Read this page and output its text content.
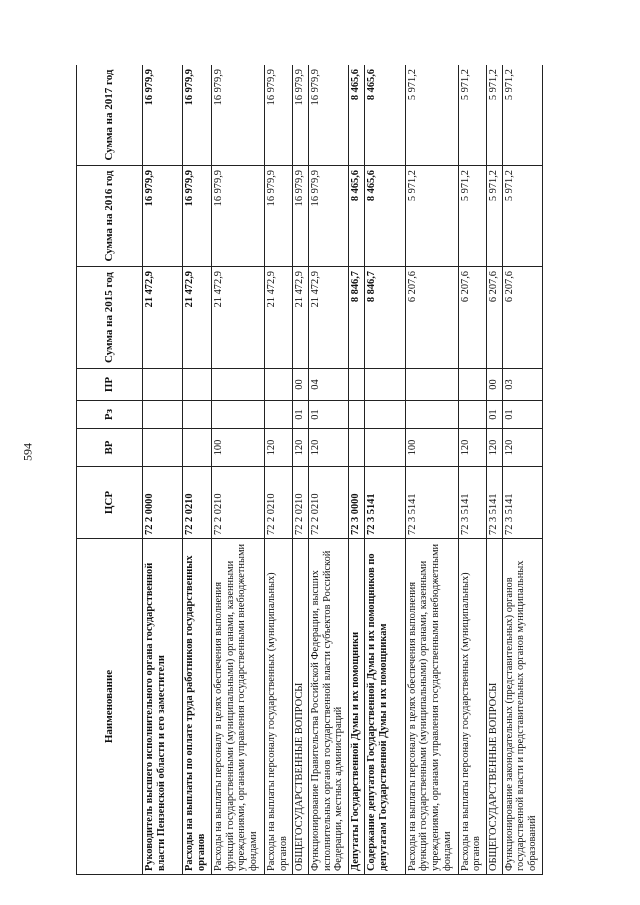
594
Наименование	ЦСР	ВР	Рз	ПР	Сумма на 2015 год	Сумма на 2016 год	Сумма на 2017 год
Руководитель высшего исполнительного органа государственной власти Пензенской области и его заместители	72 2 0000				21 472,9	16 979,9	16 979,9
Расходы на выплаты по оплате труда работников государственных органов	72 2 0210				21 472,9	16 979,9	16 979,9
Расходы на выплаты персоналу в целях обеспечения выполнения функций государственными (муниципальными) органами, казенными учреждениями, органами управления государственными внебюджетными фондами	72 2 0210	100			21 472,9	16 979,9	16 979,9
Расходы на выплаты персоналу государственных (муниципальных) органов	72 2 0210	120			21 472,9	16 979,9	16 979,9
ОБЩЕГОСУДАРСТВЕННЫЕ ВОПРОСЫ	72 2 0210	120	01	00	21 472,9	16 979,9	16 979,9
Функционирование Правительства Российской Федерации, высших исполнительных органов государственной власти субъектов Российской Федерации, местных администраций	72 2 0210	120	01	04	21 472,9	16 979,9	16 979,9
Депутаты Государственной Думы и их помощники	72 3 0000				8 846,7	8 465,6	8 465,6
Содержание депутатов Государственной Думы и их помощников по депутатам Государственной Думы и их помощникам	72 3 5141				8 846,7	8 465,6	8 465,6
Расходы на выплаты персоналу в целях обеспечения выполнения функций государственными (муниципальными) органами, казенными учреждениями, органами управления государственными внебюджетными фондами	72 3 5141	100			6 207,6	5 971,2	5 971,2
Расходы на выплаты персоналу государственных (муниципальных) органов	72 3 5141	120			6 207,6	5 971,2	5 971,2
ОБЩЕГОСУДАРСТВЕННЫЕ ВОПРОСЫ	72 3 5141	120	01	00	6 207,6	5 971,2	5 971,2
Функционирование законодательных (представительных) органов государственной власти и представительных органов муниципальных образований	72 3 5141	120	01	03	6 207,6	5 971,2	5 971,2
